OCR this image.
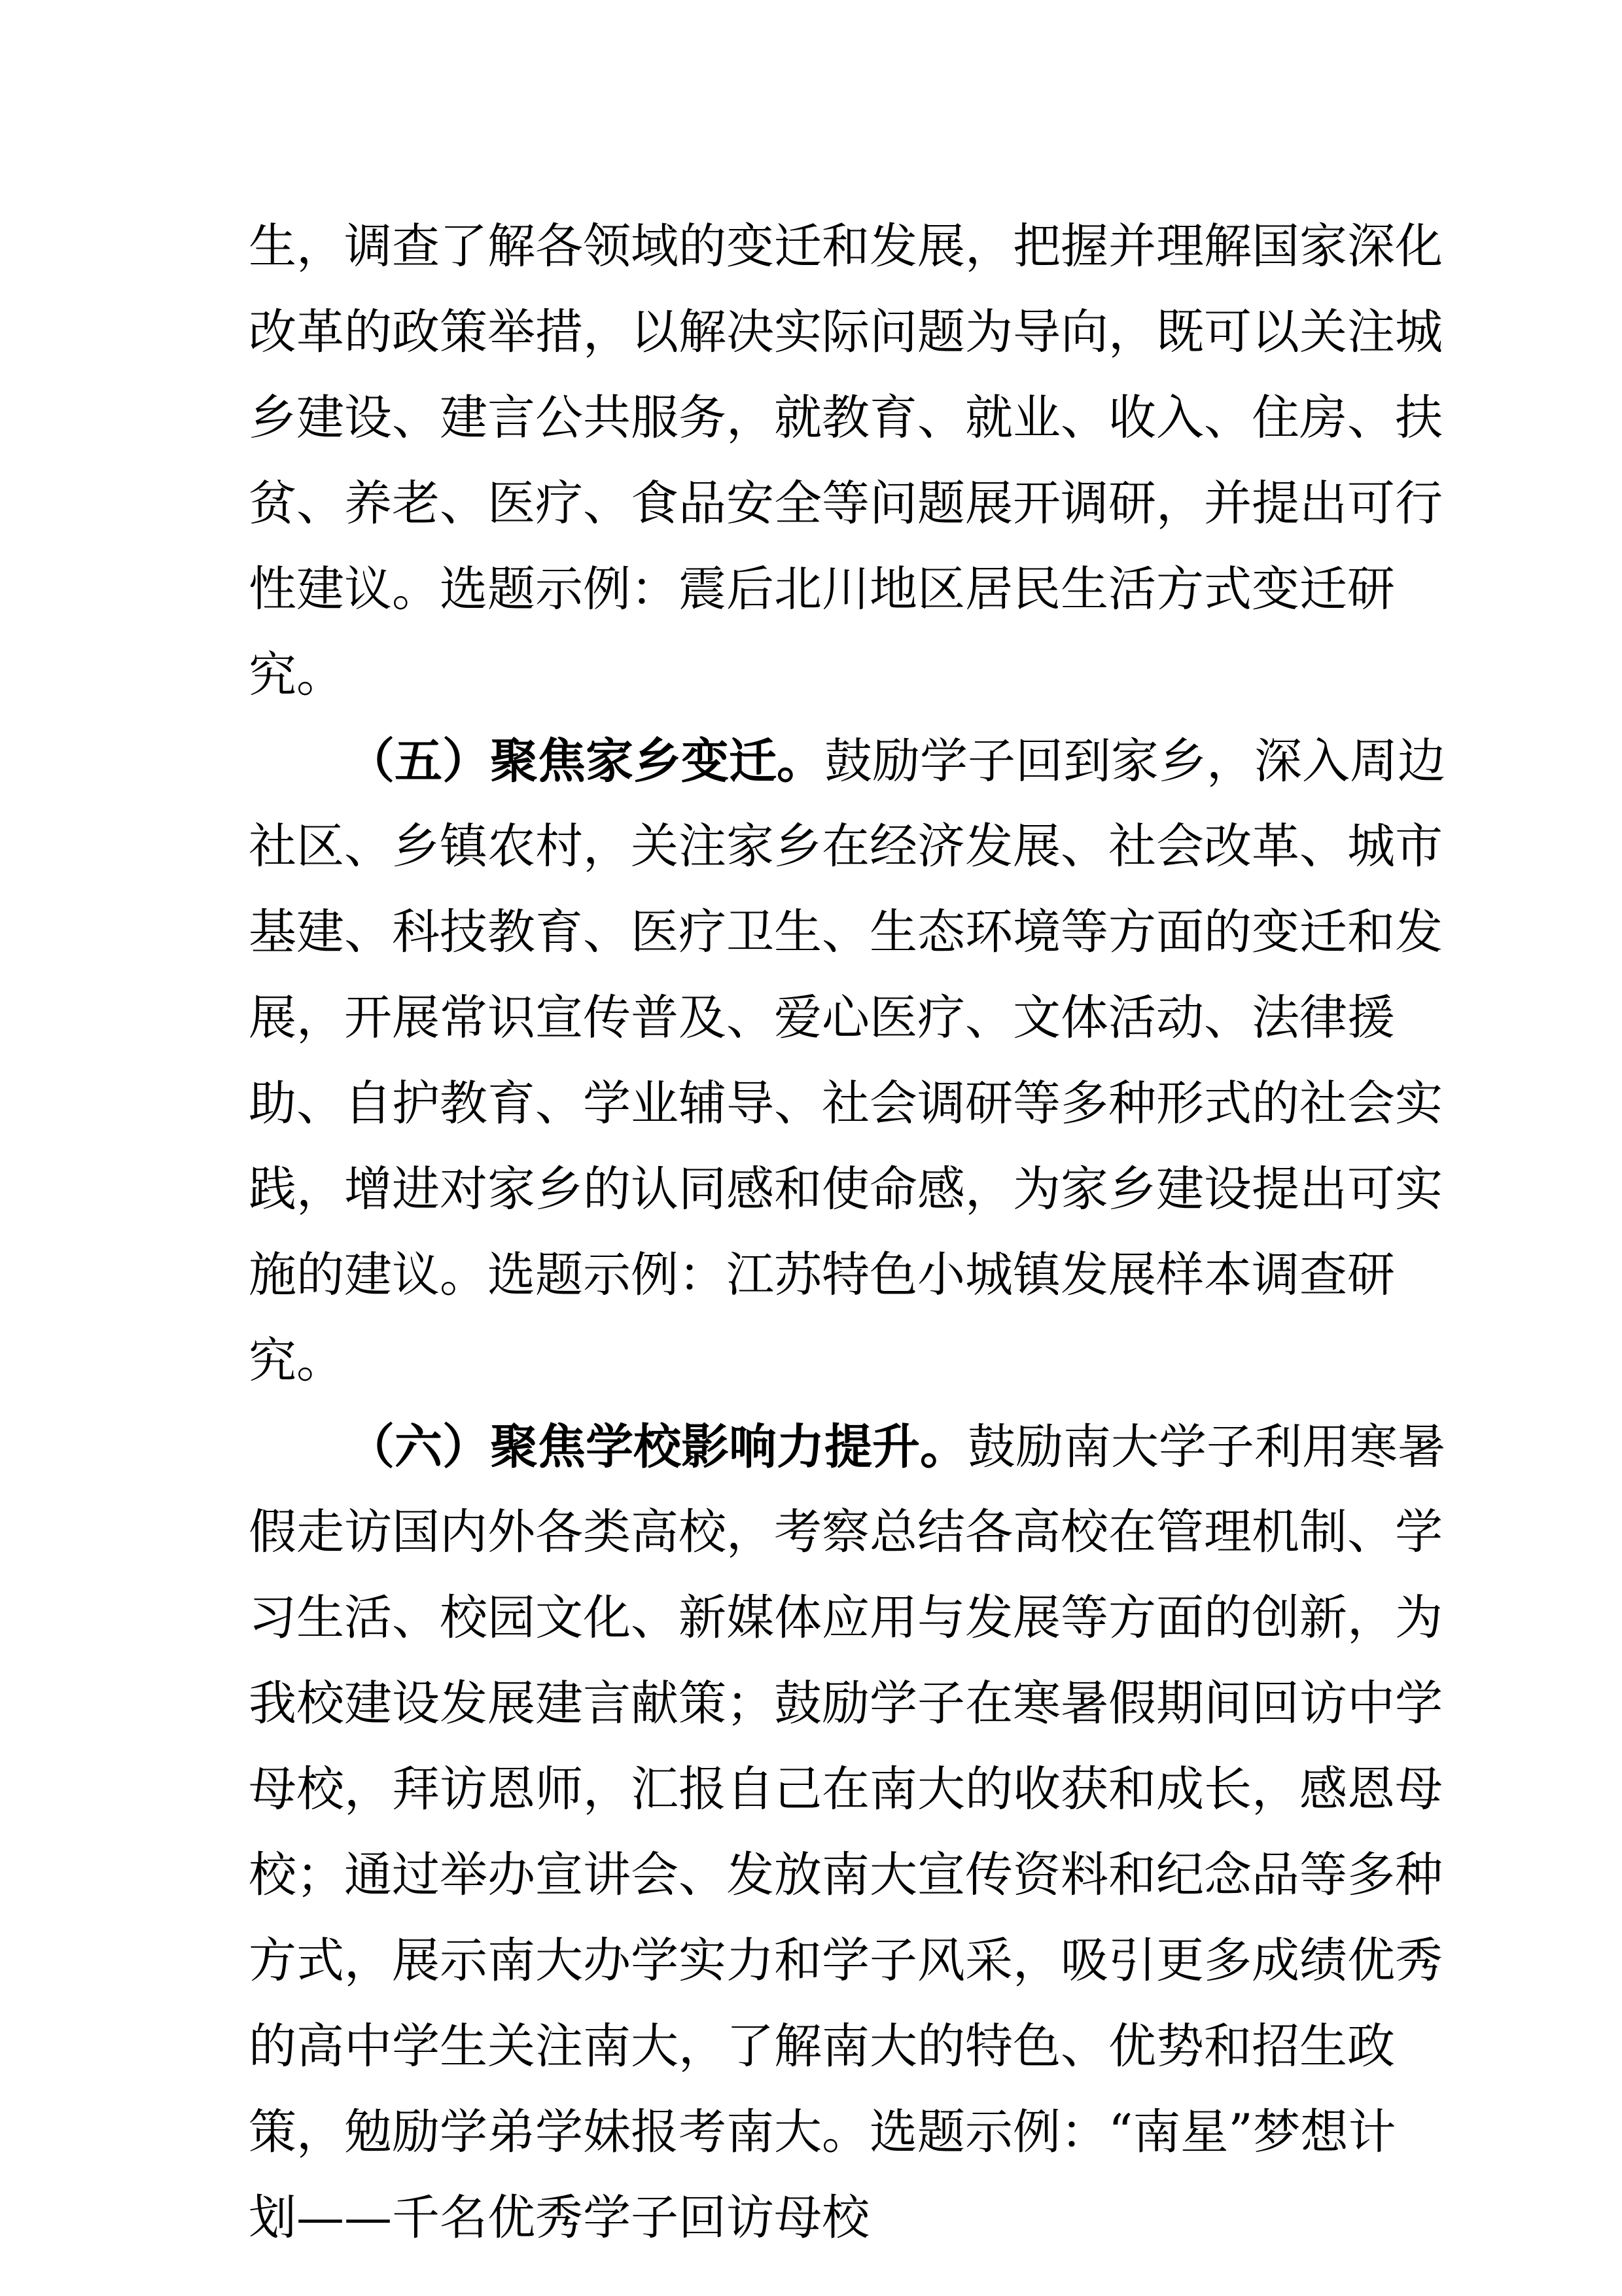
生，调查了解各领域的变迁和发展，把握并理解国家深化
改革的政策举措，以解决实际问题为导向，既可以关注城
乡建设、建言公共服务，就教育、就业、收入、住房、扶
贫、养老、医疗、食品安全等问题展开调研，并提出可行
性建议。选题示例：震后北川地区居民生活方式变迁研
究。
（五）聚焦家乡变迁。鼓励学子回到家乡，深入周边
社区、乡镇农村，关注家乡在经济发展、社会改革、城市
基建、科技教育、医疗卫生、生态环境等方面的变迁和发
展，开展常识宣传普及、爱心医疗、文体活动、法律援
助、自护教育、学业辅导、社会调研等多种形式的社会实
践，增进对家乡的认同感和使命感，为家乡建设提出可实
施的建议。选题示例：江苏特色小城镇发展样本调查研
究。
（六）聚焦学校影响力提升。鼓励南大学子利用寒暑
假走访国内外各类高校，考察总结各高校在管理机制、学
习生活、校园文化、新媒体应用与发展等方面的创新，为
我校建设发展建言献策；鼓励学子在寒暑假期间回访中学
母校，拜访恩师，汇报自己在南大的收获和成长，感恩母
校；通过举办宣讲会、发放南大宣传资料和纪念品等多种
方式，展示南大办学实力和学子风采，吸引更多成绩优秀
的高中学生关注南大，了解南大的特色、优势和招生政
策，勉励学弟学妹报考南大。选题示例：“南星”梦想计
划——千名优秀学子回访母校
